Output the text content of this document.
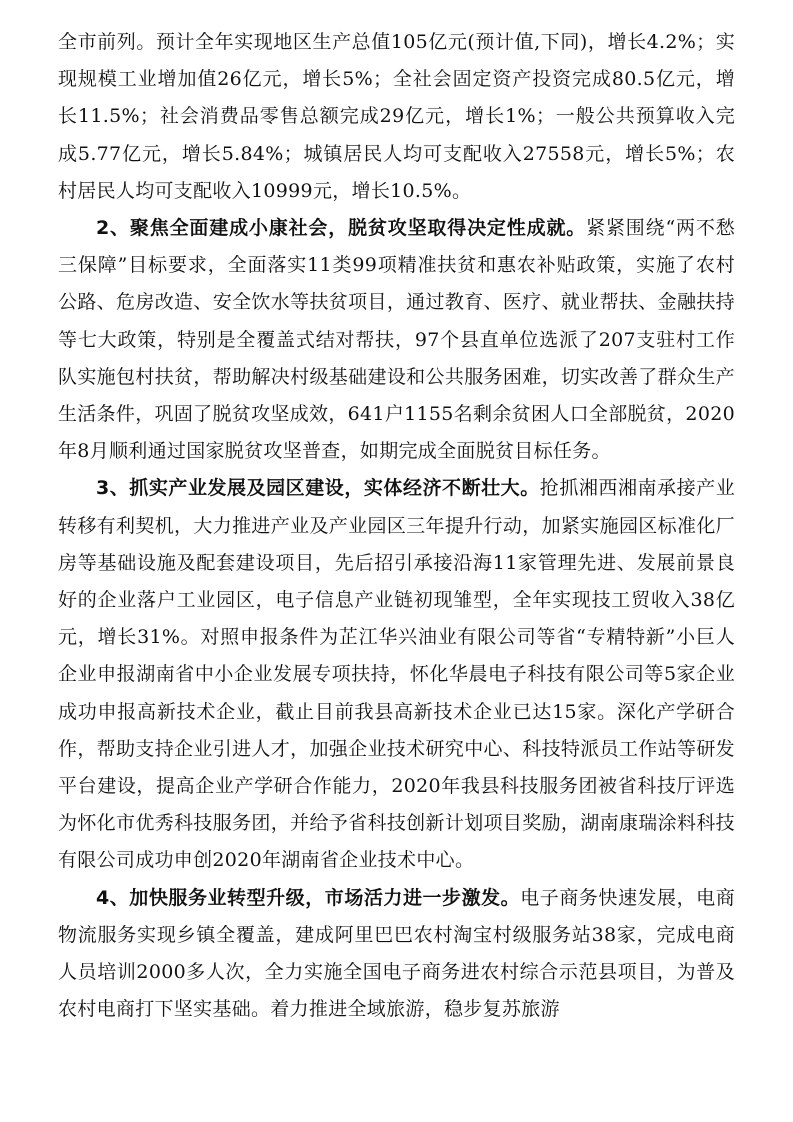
全市前列。预计全年实现地区生产总值105亿元(预计值,下同)，增长4.2%；实现规模工业增加值26亿元，增长5%；全社会固定资产投资完成80.5亿元，增长11.5%；社会消费品零售总额完成29亿元，增长1%；一般公共预算收入完成5.77亿元，增长5.84%；城镇居民人均可支配收入27558元，增长5%；农村居民人均可支配收入10999元，增长10.5%。

2、聚焦全面建成小康社会，脱贫攻坚取得决定性成就。紧紧围绕“两不愁三保障”目标要求，全面落实11类99项精准扶贫和惠农补贴政策，实施了农村公路、危房改造、安全饮水等扶贫项目，通过教育、医疗、就业帮扶、金融扶持等七大政策，特别是全覆盖式结对帮扶，97个县直单位选派了207支驻村工作队实施包村扶贫，帮助解决村级基础建设和公共服务困难，切实改善了群众生产生活条件，巩固了脱贫攻坚成效，641户1155名剩余贫困人口全部脱贫，2020年8月顺利通过国家脱贫攻坚普查，如期完成全面脱贫目标任务。

3、抓实产业发展及园区建设，实体经济不断壮大。抢抓湘西湘南承接产业转移有利契机，大力推进产业及产业园区三年提升行动，加紧实施园区标准化厂房等基础设施及配套建设项目，先后招引承接沿海11家管理先进、发展前景良好的企业落户工业园区，电子信息产业链初现雏型，全年实现技工贸收入38亿元，增长31%。对照申报条件为芷江华兴油业有限公司等省“专精特新”小巨人企业申报湖南省中小企业发展专项扶持，怀化华晨电子科技有限公司等5家企业成功申报高新技术企业，截止目前我县高新技术企业已达15家。深化产学研合作，帮助支持企业引进人才，加强企业技术研究中心、科技特派员工作站等研发平台建设，提高企业产学研合作能力，2020年我县科技服务团被省科技厅评选为怀化市优秀科技服务团，并给予省科技创新计划项目奖励，湖南康瑞涂料科技有限公司成功申创2020年湖南省企业技术中心。

4、加快服务业转型升级，市场活力进一步激发。电子商务快速发展，电商物流服务实现乡镇全覆盖，建成阿里巴巴农村淘宝村级服务站38家，完成电商人员培训2000多人次，全力实施全国电子商务进农村综合示范县项目，为普及农村电商打下坚实基础。着力推进全域旅游，稳步复苏旅游
